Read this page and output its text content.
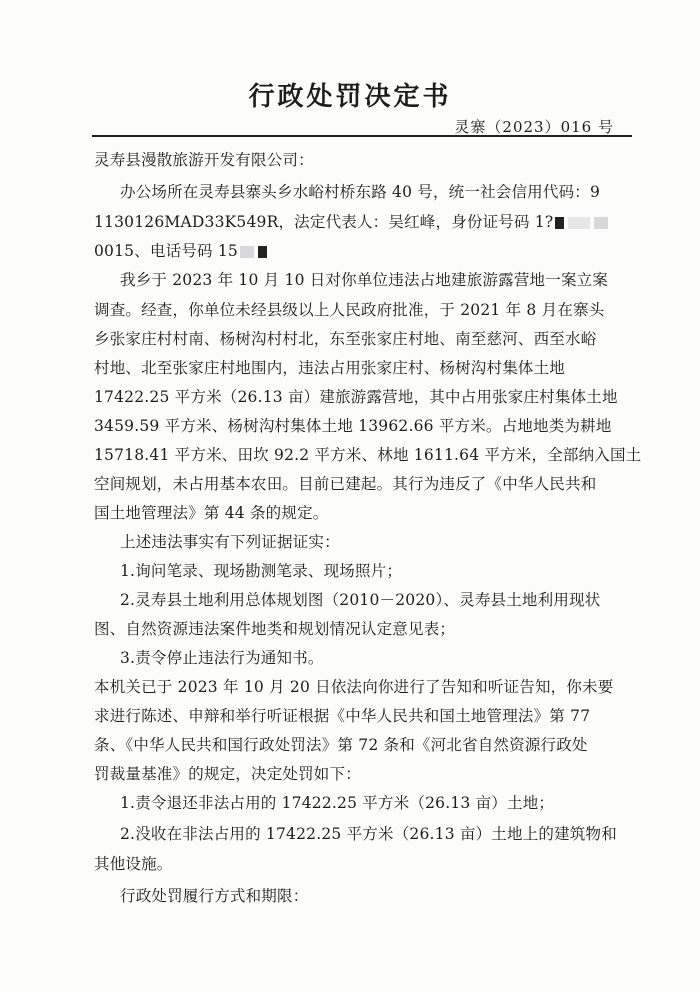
行政处罚决定书
灵寨（2023）016 号
灵寿县漫散旅游开发有限公司：
办公场所在灵寿县寨头乡水峪村桥东路 40 号，统一社会信用代码：9
1130126MAD33K549R，法定代表人：吴红峰，身份证号码 1?
0015、电话号码 15
我乡于 2023 年 10 月 10 日对你单位违法占地建旅游露营地一案立案
调查。经查，你单位未经县级以上人民政府批准，于 2021 年 8 月在寨头
乡张家庄村村南、杨树沟村村北，东至张家庄村地、南至慈河、西至水峪
村地、北至张家庄村地围内，违法占用张家庄村、杨树沟村集体土地
17422.25 平方米（26.13 亩）建旅游露营地，其中占用张家庄村集体土地
3459.59 平方米、杨树沟村集体土地 13962.66 平方米。占地地类为耕地
15718.41 平方米、田坎 92.2 平方米、林地 1611.64 平方米，全部纳入国土
空间规划，未占用基本农田。目前已建起。其行为违反了《中华人民共和
国土地管理法》第 44 条的规定。
上述违法事实有下列证据证实：
1.询问笔录、现场勘测笔录、现场照片；
2.灵寿县土地利用总体规划图（2010－2020）、灵寿县土地利用现状
图、自然资源违法案件地类和规划情况认定意见表；
3.责令停止违法行为通知书。
本机关已于 2023 年 10 月 20 日依法向你进行了告知和听证告知，你未要
求进行陈述、申辩和举行听证根据《中华人民共和国土地管理法》第 77
条、《中华人民共和国行政处罚法》第 72 条和《河北省自然资源行政处
罚裁量基准》的规定，决定处罚如下：
1.责令退还非法占用的 17422.25 平方米（26.13 亩）土地；
2.没收在非法占用的 17422.25 平方米（26.13 亩）土地上的建筑物和
其他设施。
行政处罚履行方式和期限：
